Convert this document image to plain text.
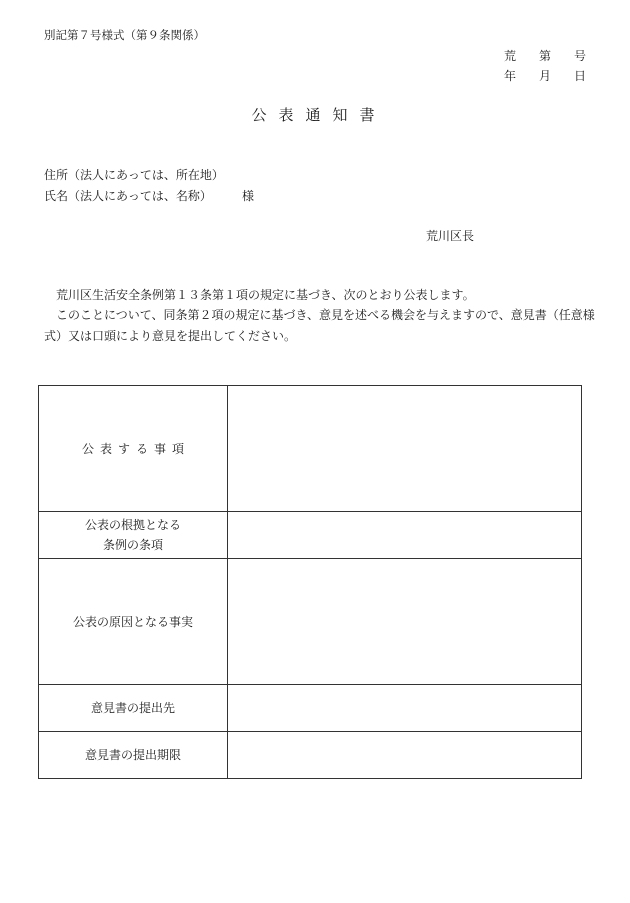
別記第７号様式（第９条関係）
荒 第 号
年 月 日
公表通知書
住所（法人にあっては、所在地）
氏名（法人にあっては、名称）	様
荒川区長
荒川区生活安全条例第１３条第１項の規定に基づき、次のとおり公表します。
このことについて、同条第２項の規定に基づき、意見を述べる機会を与えますので、意見書（任意様
式）又は口頭により意見を提出してください。
公表する事項	

公表の根拠となる
条例の条項	

公表の原因となる事実	
意見書の提出先	
意見書の提出期限	
